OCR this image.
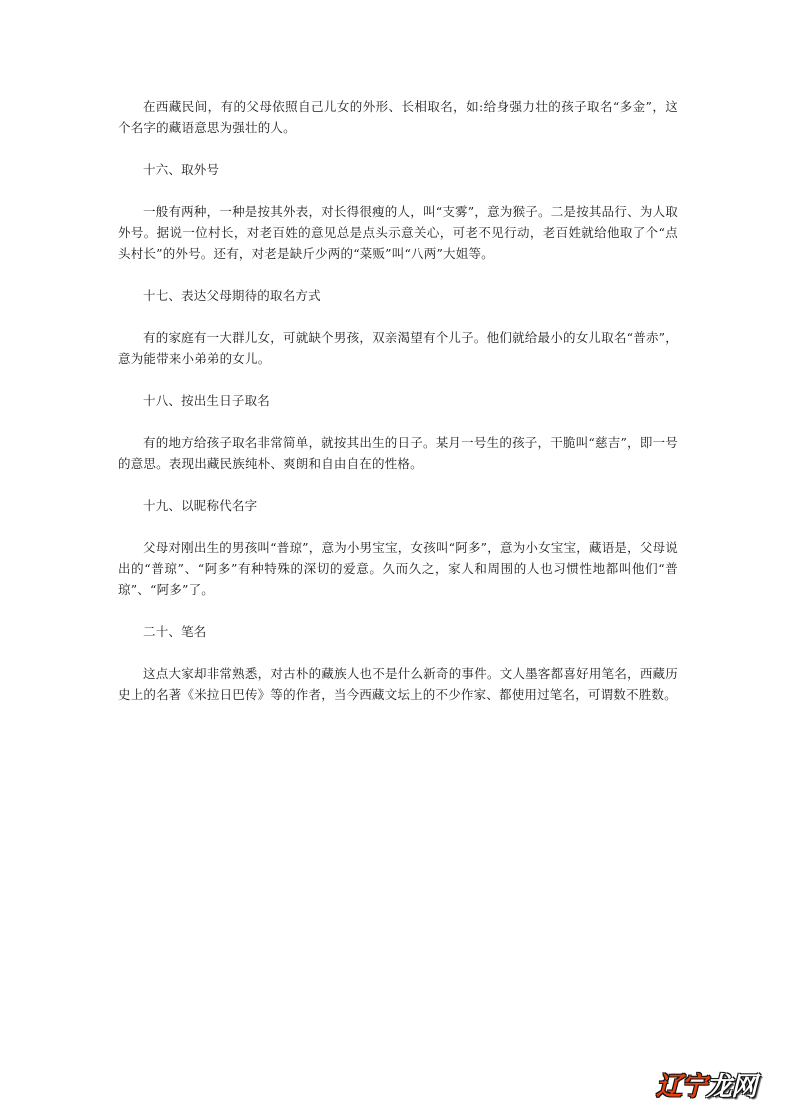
在西藏民间，有的父母依照自己儿女的外形、长相取名，如:给身强力壮的孩子取名“多金”，这个名字的藏语意思为强壮的人。

十六、取外号

一般有两种，一种是按其外表，对长得很瘦的人，叫“支雾”，意为猴子。二是按其品行、为人取外号。据说一位村长，对老百姓的意见总是点头示意关心，可老不见行动，老百姓就给他取了个“点头村长”的外号。还有，对老是缺斤少两的“菜贩”叫“八两”大姐等。

十七、表达父母期待的取名方式

有的家庭有一大群儿女，可就缺个男孩，双亲渴望有个儿子。他们就给最小的女儿取名“普赤”，意为能带来小弟弟的女儿。

十八、按出生日子取名

有的地方给孩子取名非常简单，就按其出生的日子。某月一号生的孩子，干脆叫“慈吉”，即一号的意思。表现出藏民族纯朴、爽朗和自由自在的性格。

十九、以昵称代名字

父母对刚出生的男孩叫“普琼”，意为小男宝宝，女孩叫“阿多”，意为小女宝宝，藏语是，父母说出的“普琼”、“阿多”有种特殊的深切的爱意。久而久之，家人和周围的人也习惯性地都叫他们“普琼”、“阿多”了。

二十、笔名

这点大家却非常熟悉，对古朴的藏族人也不是什么新奇的事件。文人墨客都喜好用笔名，西藏历史上的名著《米拉日巴传》等的作者，当今西藏文坛上的不少作家、都使用过笔名，可谓数不胜数。

辽宁龙网
